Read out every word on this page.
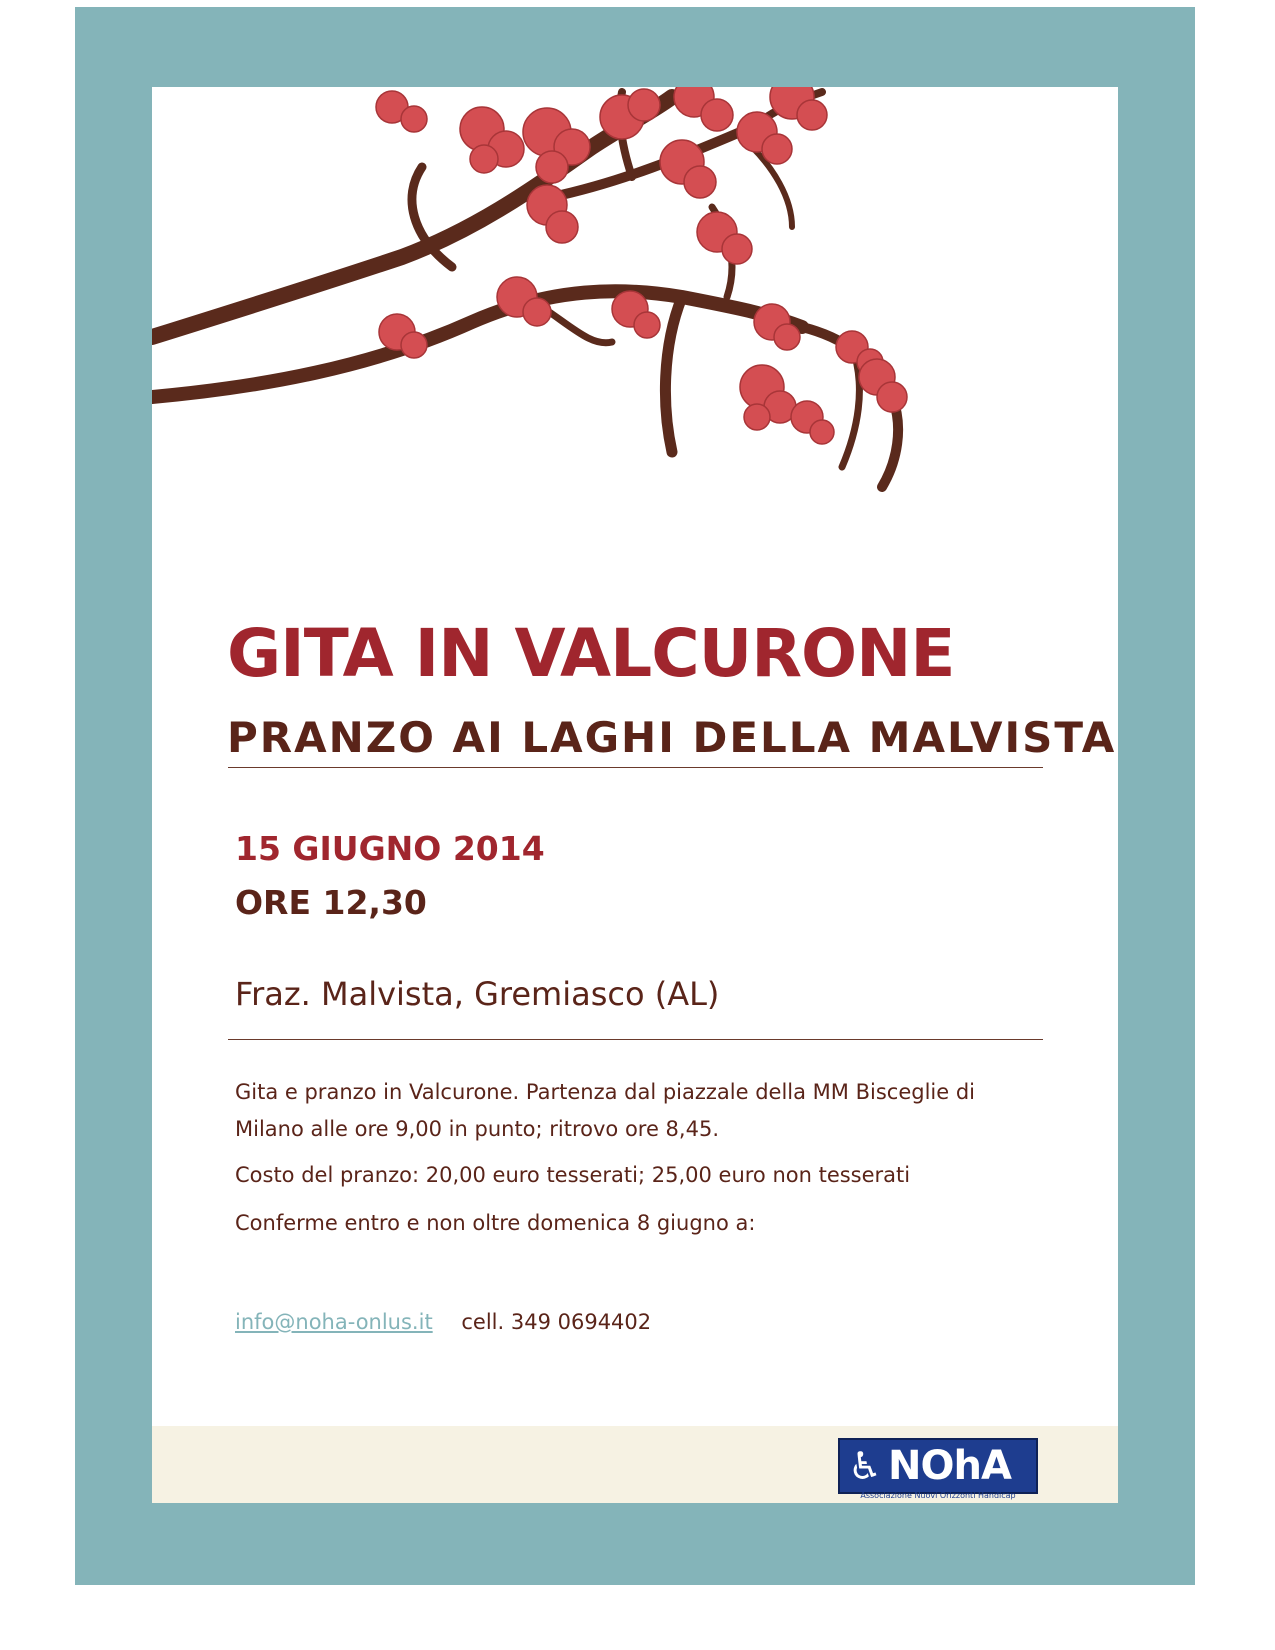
GITA IN VALCURONE
PRANZO AI LAGHI DELLA MALVISTA
15 GIUGNO 2014
ORE 12,30
Fraz. Malvista, Gremiasco (AL)
Gita e pranzo in Valcurone. Partenza dal piazzale della MM Bisceglie di Milano alle ore 9,00 in punto; ritrovo ore 8,45.
Costo del pranzo: 20,00 euro tesserati; 25,00 euro non tesserati
Conferme entro e non oltre domenica 8 giugno a:
info@noha-onlus.it cell. 349 0694402
♿ NOhA
Associazione Nuovi Orizzonti Handicap
